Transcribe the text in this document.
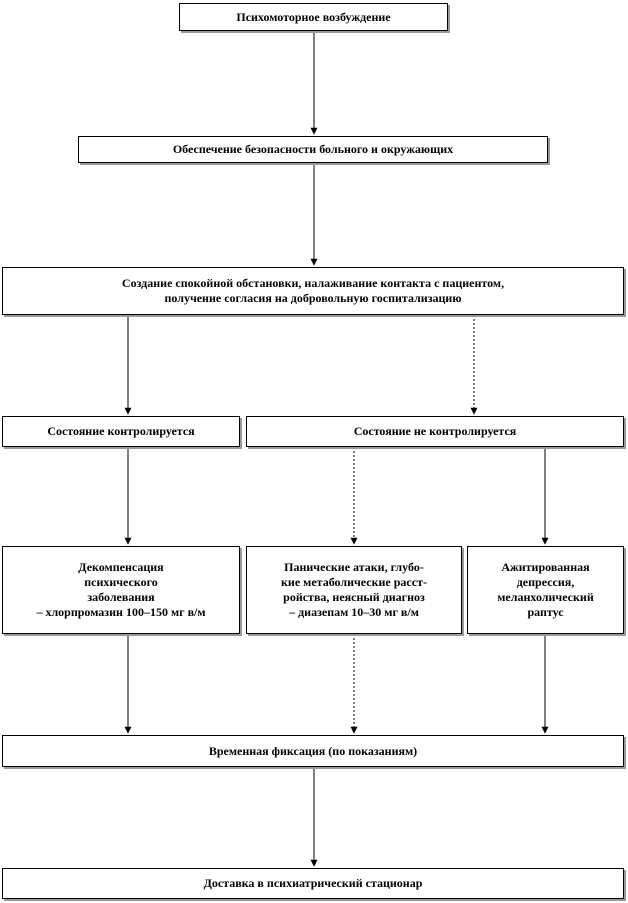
Психомоторное возбуждение
Обеспечение безопасности больного и окружающих
Создание спокойной обстановки, налаживание контакта с пациентом,
получение согласия на добровольную госпитализацию
Состояние контролируется	Состояние не контролируется
Декомпенсация
психического
заболевания
– хлорпромазин 100–150 мг в/м
Панические атаки, глубо-
кие метаболические расст-
ройства, неясный диагноз
– диазепам 10–30 мг в/м
Ажитированная
депрессия,
меланхолический
раптус
Временная фиксация (по показаниям)
Доставка в психиатрический стационар
